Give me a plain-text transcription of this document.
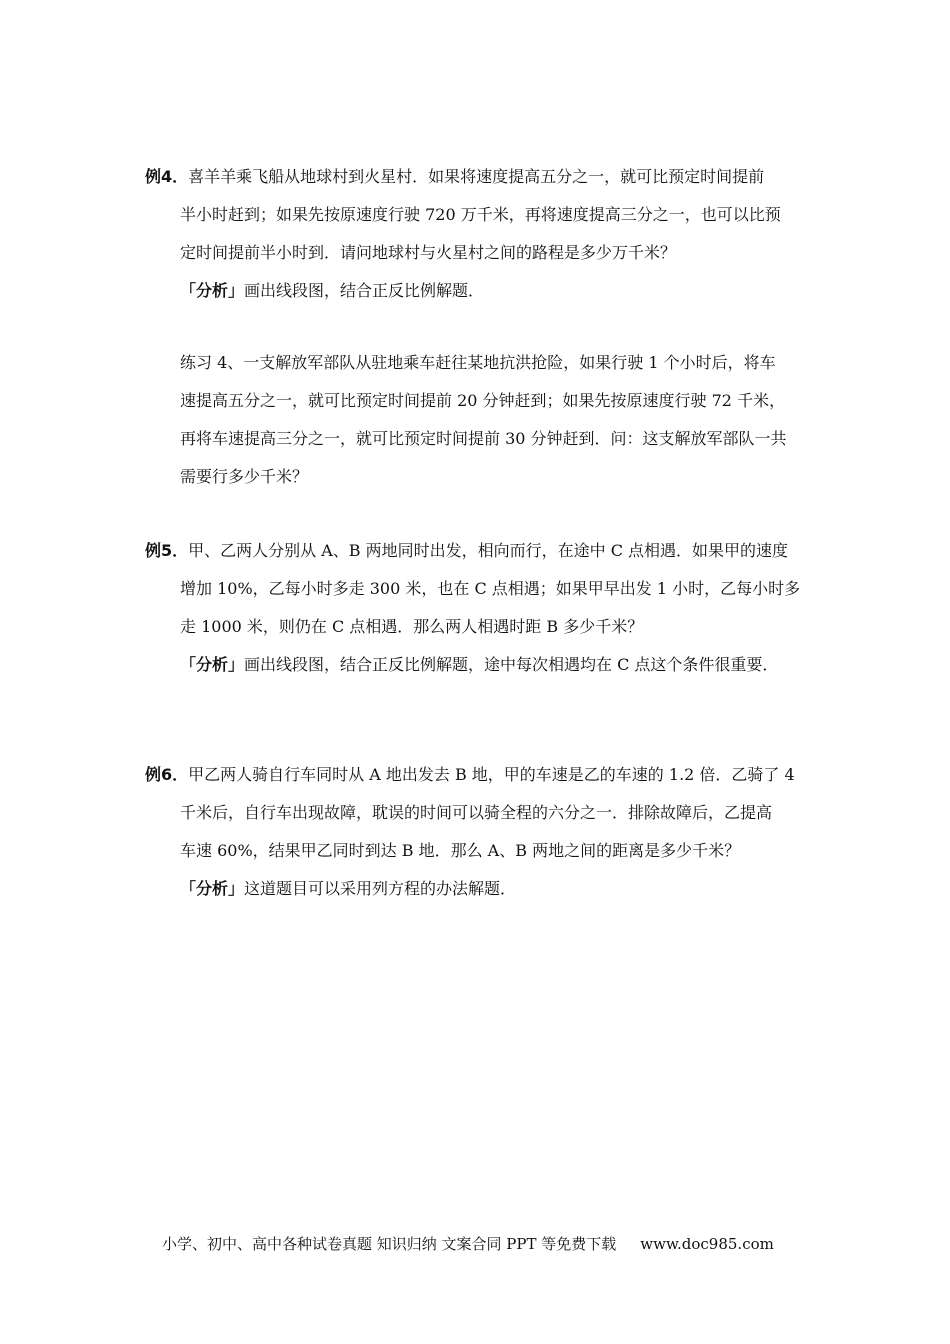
例4．喜羊羊乘飞船从地球村到火星村．如果将速度提高五分之一，就可比预定时间提前
半小时赶到；如果先按原速度行驶 720 万千米，再将速度提高三分之一，也可以比预
定时间提前半小时到．请问地球村与火星村之间的路程是多少万千米？
「分析」画出线段图，结合正反比例解题．
练习 4、一支解放军部队从驻地乘车赶往某地抗洪抢险，如果行驶 1 个小时后，将车
速提高五分之一，就可比预定时间提前 20 分钟赶到；如果先按原速度行驶 72 千米，
再将车速提高三分之一，就可比预定时间提前 30 分钟赶到．问：这支解放军部队一共
需要行多少千米？
例5．甲、乙两人分别从 A、B 两地同时出发，相向而行，在途中 C 点相遇．如果甲的速度
增加 10%，乙每小时多走 300 米，也在 C 点相遇；如果甲早出发 1 小时，乙每小时多
走 1000 米，则仍在 C 点相遇．那么两人相遇时距 B 多少千米？
「分析」画出线段图，结合正反比例解题，途中每次相遇均在 C 点这个条件很重要．
例6．甲乙两人骑自行车同时从 A 地出发去 B 地，甲的车速是乙的车速的 1.2 倍．乙骑了 4
千米后，自行车出现故障，耽误的时间可以骑全程的六分之一．排除故障后，乙提高
车速 60%，结果甲乙同时到达 B 地．那么 A、B 两地之间的距离是多少千米？
「分析」这道题目可以采用列方程的办法解题．
小学、初中、高中各种试卷真题 知识归纳 文案合同 PPT 等免费下载 www.doc985.com
